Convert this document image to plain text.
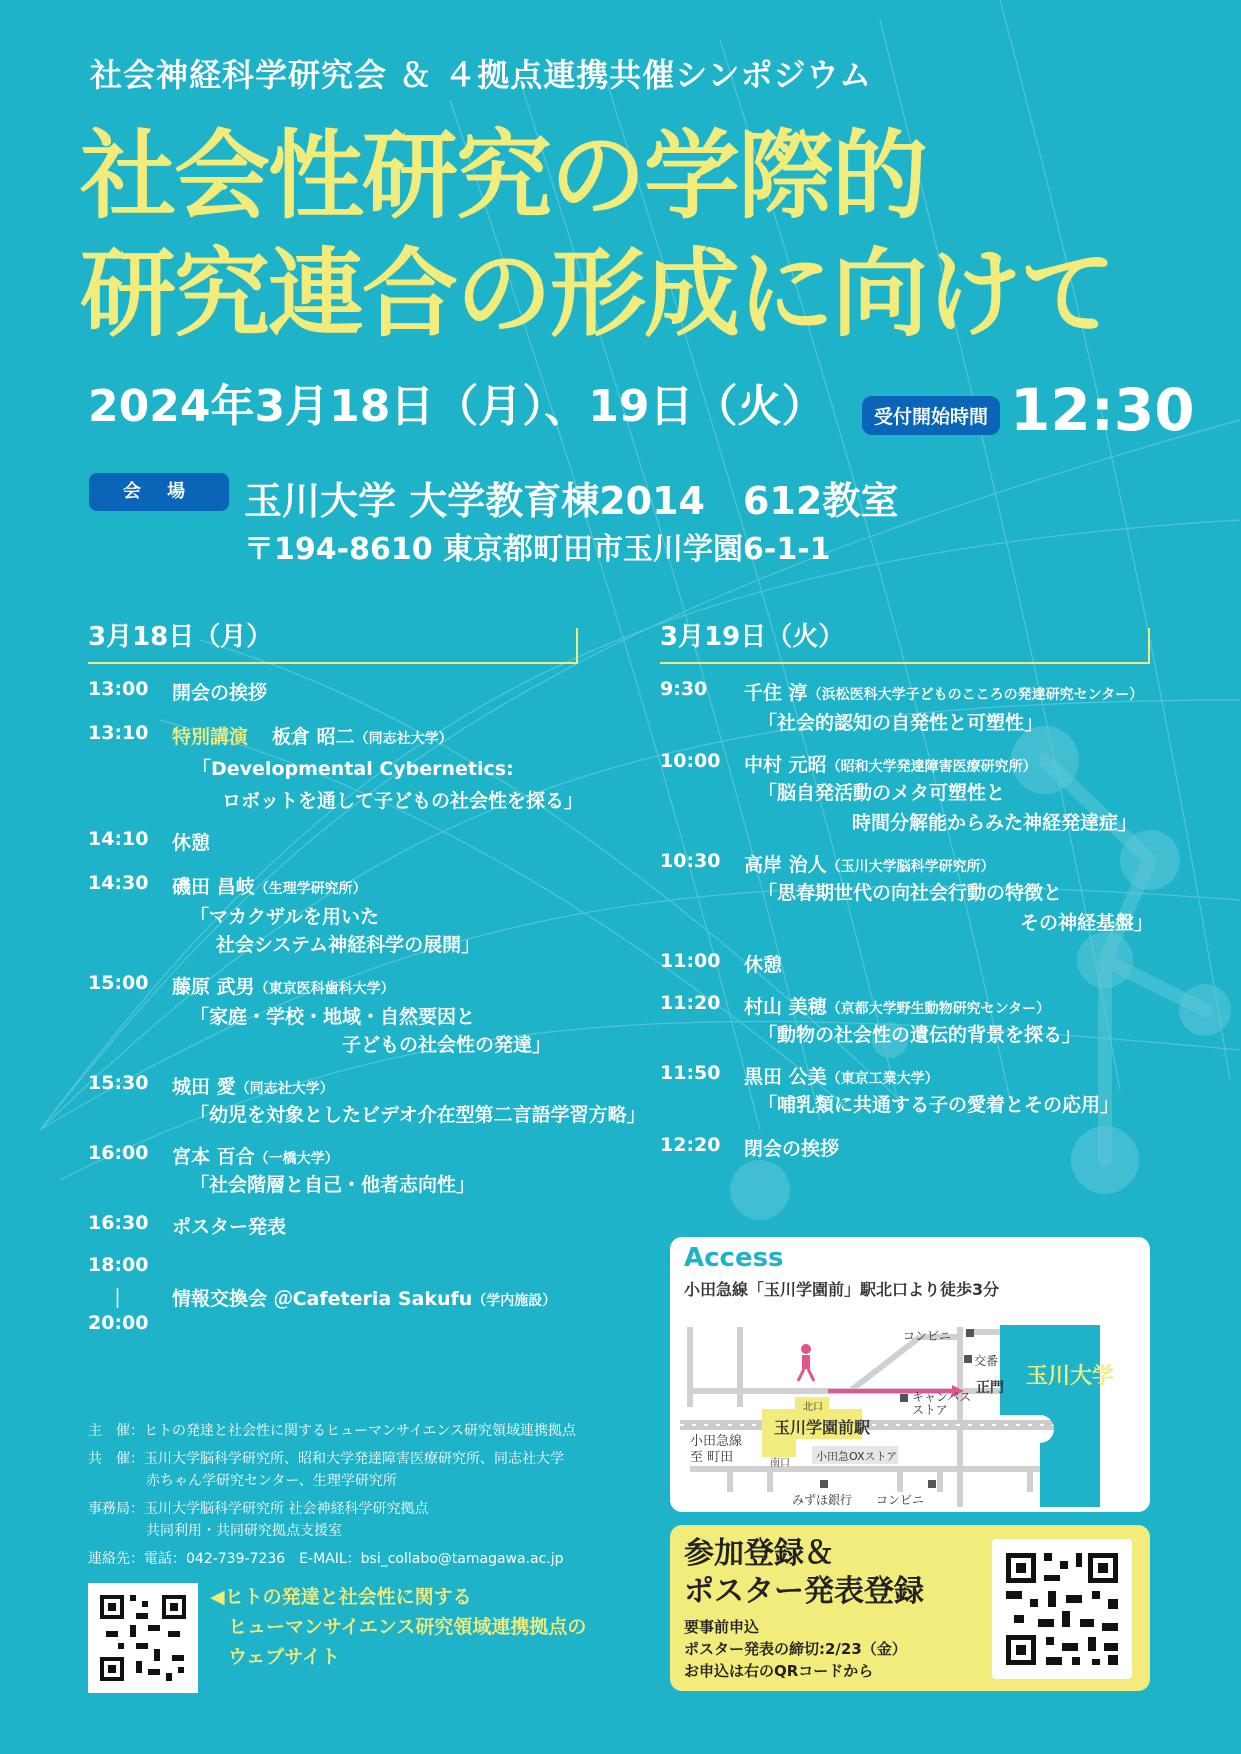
社会神経科学研究会 ＆ ４拠点連携共催シンポジウム
社会性研究の学際的
研究連合の形成に向けて
2024年3月18日（月）、19日（火）	受付開始時間 12:30
会 場	玉川大学 大学教育棟2014　612教室
〒194-8610 東京都町田市玉川学園6-1-1
3月18日（月）
13:00 開会の挨拶
13:10 特別講演 板倉 昭二（同志社大学）
「Developmental Cybernetics:
ロボットを通して子どもの社会性を探る」
14:10 休憩
14:30 磯田 昌岐（生理学研究所）
「マカクザルを用いた
社会システム神経科学の展開」
15:00 藤原 武男（東京医科歯科大学）
「家庭・学校・地域・自然要因と
子どもの社会性の発達」
15:30 城田 愛（同志社大学）
「幼児を対象としたビデオ介在型第二言語学習方略」
16:00 宮本 百合（一橋大学）
「社会階層と自己・他者志向性」
16:30 ポスター発表
18:00
｜
20:00
情報交換会 ＠Cafeteria Sakufu（学内施設）
3月19日（火）
9:30 千住 淳（浜松医科大学子どものこころの発達研究センター）
「社会的認知の自発性と可塑性」
10:00 中村 元昭（昭和大学発達障害医療研究所）
「脳自発活動のメタ可塑性と
時間分解能からみた神経発達症」
10:30 高岸 治人（玉川大学脳科学研究所）
「思春期世代の向社会行動の特徴と
その神経基盤」
11:00 休憩
11:20 村山 美穂（京都大学野生動物研究センター）
「動物の社会性の遺伝的背景を探る」
11:50 黒田 公美（東京工業大学）
「哺乳類に共通する子の愛着とその応用」
12:20 閉会の挨拶
主　催：ヒトの発達と社会性に関するヒューマンサイエンス研究領域連携拠点
共　催：玉川大学脳科学研究所、昭和大学発達障害医療研究所、同志社大学
赤ちゃん学研究センター、生理学研究所
事務局：玉川大学脳科学研究所 社会神経科学研究拠点
共同利用・共同研究拠点支援室
連絡先：電話：042-739-7236　E-MAIL：bsi_collabo@tamagawa.ac.jp
◀ヒトの発達と社会性に関する
ヒューマンサイエンス研究領域連携拠点の
ウェブサイト
Access
小田急線「玉川学園前」駅北口より徒歩3分
コンビニ
交番
玉川大学
正門
北口
キャンパス
ストア
玉川学園前駅
小田急線
至 町田	南口
小田急OXストア
みずほ銀行 コンビニ
参加登録＆
ポスター発表登録
要事前申込
ポスター発表の締切:2/23（金）
お申込は右のQRコードから
